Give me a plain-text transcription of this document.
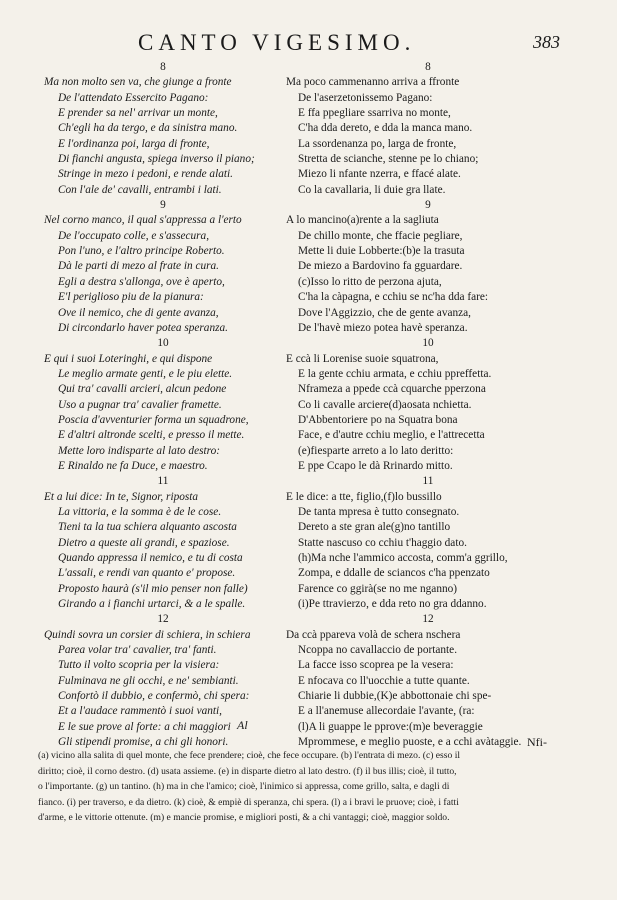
CANTO VIGESIMO.	383
8
Ma non molto sen va, che giunge a fronte
De l'attendato Essercito Pagano:
E prender sa nel' arrivar un monte,
Ch'egli ha da tergo, e da sinistra mano.
E l'ordinanza poi, larga di fronte,
Di fianchi angusta, spiega inverso il piano;
Stringe in mezo i pedoni, e rende alati.
Con l'ale de' cavalli, entrambi i lati.
9
Nel corno manco, il qual s'appressa a l'erto
De l'occupato colle, e s'assecura,
Pon l'uno, e l'altro principe Roberto.
Dà le parti di mezo al frate in cura.
Egli a destra s'allonga, ove è aperto,
E'l periglioso piu de la pianura:
Ove il nemico, che di gente avanza,
Di circondarlo haver potea speranza.
10
E qui i suoi Loteringhi, e qui dispone
Le meglio armate genti, e le piu elette.
Qui tra' cavalli arcieri, alcun pedone
Uso a pugnar tra' cavalier framette.
Poscia d'avventurier forma un squadrone,
E d'altri altronde scelti, e presso il mette.
Mette loro indisparte al lato destro:
E Rinaldo ne fa Duce, e maestro.
11
Et a lui dice: In te, Signor, riposta
La vittoria, e la somma è de le cose.
Tieni ta la tua schiera alquanto ascosta
Dietro a queste ali grandi, e spaziose.
Quando appressa il nemico, e tu di costa
L'assali, e rendi van quanto e' propose.
Proposto haurà (s'il mio penser non falle)
Girando a i fianchi urtarci, & a le spalle.
12
Quindi sovra un corsier di schiera, in schiera
Parea volar tra' cavalier, tra' fanti.
Tutto il volto scopria per la visiera:
Fulminava ne gli occhi, e ne' sembianti.
Confortò il dubbio, e confermò, chi spera:
Et a l'audace rammentò i suoi vanti,
E le sue prove al forte: a chi maggiori
Gli stipendi promise, a chi gli honori.
8
Ma poco cammenanno arriva a ffronte
De l'aserzetonissemo Pagano:
E ffa ppegliare ssarriva no monte,
C'ha dda dereto, e dda la manca mano.
La ssordenanza po, larga de fronte,
Stretta de scianche, stenne pe lo chiano;
Miezo li nfante nzerra, e ffacé alate.
Co la cavallaria, li duie gra llate.
9
A lo mancino(a)rente a la sagliuta
De chillo monte, che ffacie pegliare,
Mette li duie Lobberte:(b)e la trasuta
De miezo a Bardovino fa gguardare.
(c)Isso lo ritto de perzona ajuta,
C'ha la càpagna, e cchiu se nc'ha dda fare:
Dove l'Aggizzio, che de gente avanza,
De l'havè miezo potea havè speranza.
10
E ccà li Lorenise suoie squatrona,
E la gente cchiu armata, e cchiu ppreffetta.
Nframeza a ppede ccà cquarche pperzona
Co li cavalle arciere(d)aosata nchietta.
D'Abbentoriere po na Squatra bona
Face, e d'autre cchiu meglio, e l'attrecetta
(e)fiesparte arreto a lo lato deritto:
E ppe Ccapo le dà Rrinardo mitto.
11
E le dice: a tte, figlio,(f)lo bussillo
De tanta mpresa è tutto consegnato.
Dereto a ste gran ale(g)no tantillo
Statte nascuso co cchiu t'haggio dato.
(h)Ma nche l'ammico accosta, comm'a ggrillo,
Zompa, e ddalle de sciancos c'ha ppenzato
Farence co ggirà(se no me nganno)
(i)Pe ttravierzo, e dda reto no gra ddanno.
12
Da ccà ppareva volà de schera nschera
Ncoppa no cavallaccio de portante.
La facce isso scoprea pe la vesera:
E nfocava co ll'uocchie a tutte quante.
Chiarie li dubbie,(K)e abbottonaie chi spe-
E a ll'anemuse allecordaie l'avante, (ra:
(l)A li guappe le pprove:(m)e beveraggie
Mprommese, e meglio puoste, e a cchi avàtaggie.
Al
Nfi-
(a) vicino alla salita di quel monte, che fece prendere; cioè, che fece occupare. (b) l'entrata di mezo. (c) esso il
diritto; cioè, il corno destro. (d) usata assieme. (e) in disparte dietro al lato destro. (f) il bus illis; cioè, il tutto,
o l'importante. (g) un tantino. (h) ma in che l'amico; cioè, l'inimico si appressa, come grillo, salta, e dagli di
fianco. (i) per traverso, e da dietro. (k) cioè, & empiè di speranza, chi spera. (l) a i bravi le pruove; cioè, i fatti
d'arme, e le vittorie ottenute. (m) e mancie promise, e migliori posti, & a chi vantaggi; cioè, maggior soldo.
